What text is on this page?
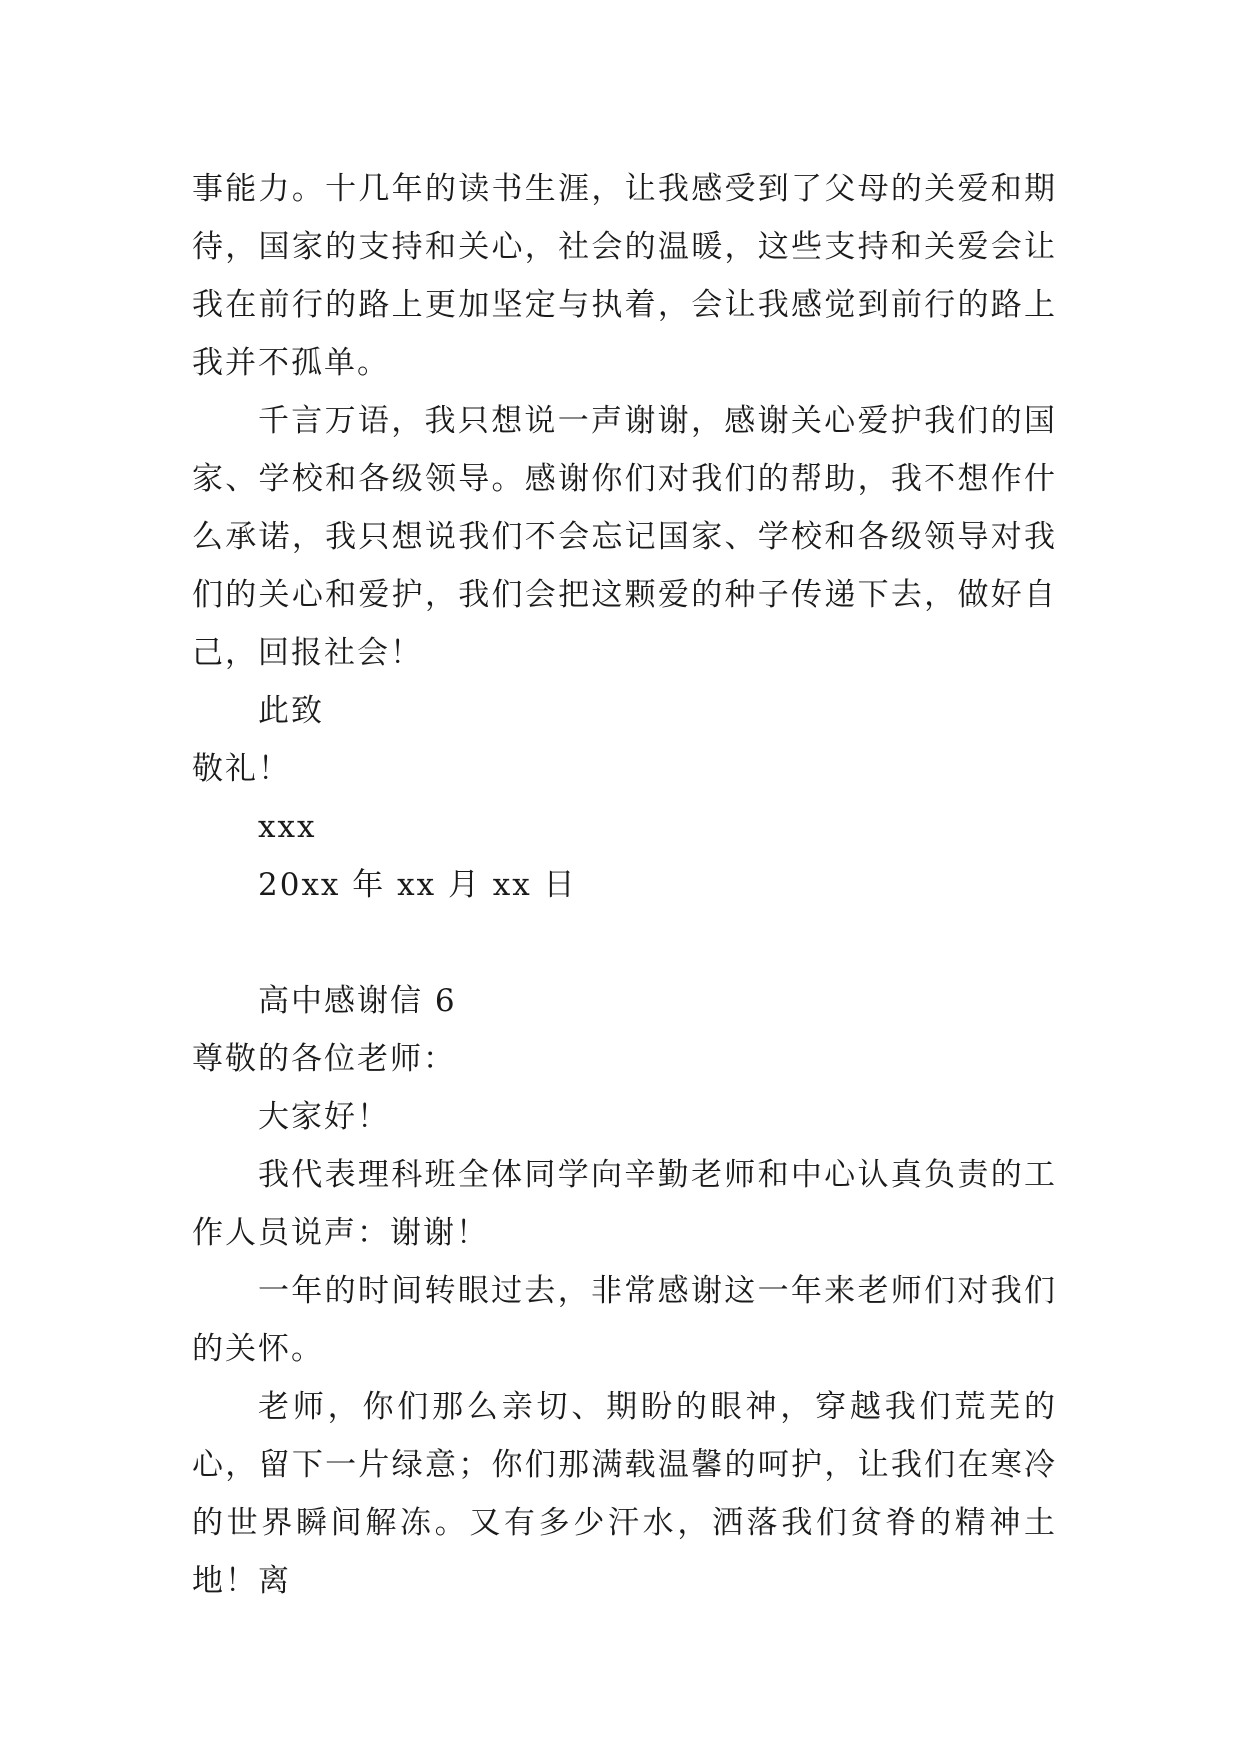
事能力。十几年的读书生涯，让我感受到了父母的关爱和期待，国家的支持和关心，社会的温暖，这些支持和关爱会让我在前行的路上更加坚定与执着，会让我感觉到前行的路上我并不孤单。

千言万语，我只想说一声谢谢，感谢关心爱护我们的国家、学校和各级领导。感谢你们对我们的帮助，我不想作什么承诺，我只想说我们不会忘记国家、学校和各级领导对我们的关心和爱护，我们会把这颗爱的种子传递下去，做好自己，回报社会！

此致

敬礼！

xxx

20xx 年 xx 月 xx 日

高中感谢信 6

尊敬的各位老师：

大家好！

我代表理科班全体同学向辛勤老师和中心认真负责的工作人员说声：谢谢！

一年的时间转眼过去，非常感谢这一年来老师们对我们的关怀。

老师，你们那么亲切、期盼的眼神，穿越我们荒芜的心，留下一片绿意；你们那满载温馨的呵护，让我们在寒冷的世界瞬间解冻。又有多少汗水，洒落我们贫脊的精神土地！离
